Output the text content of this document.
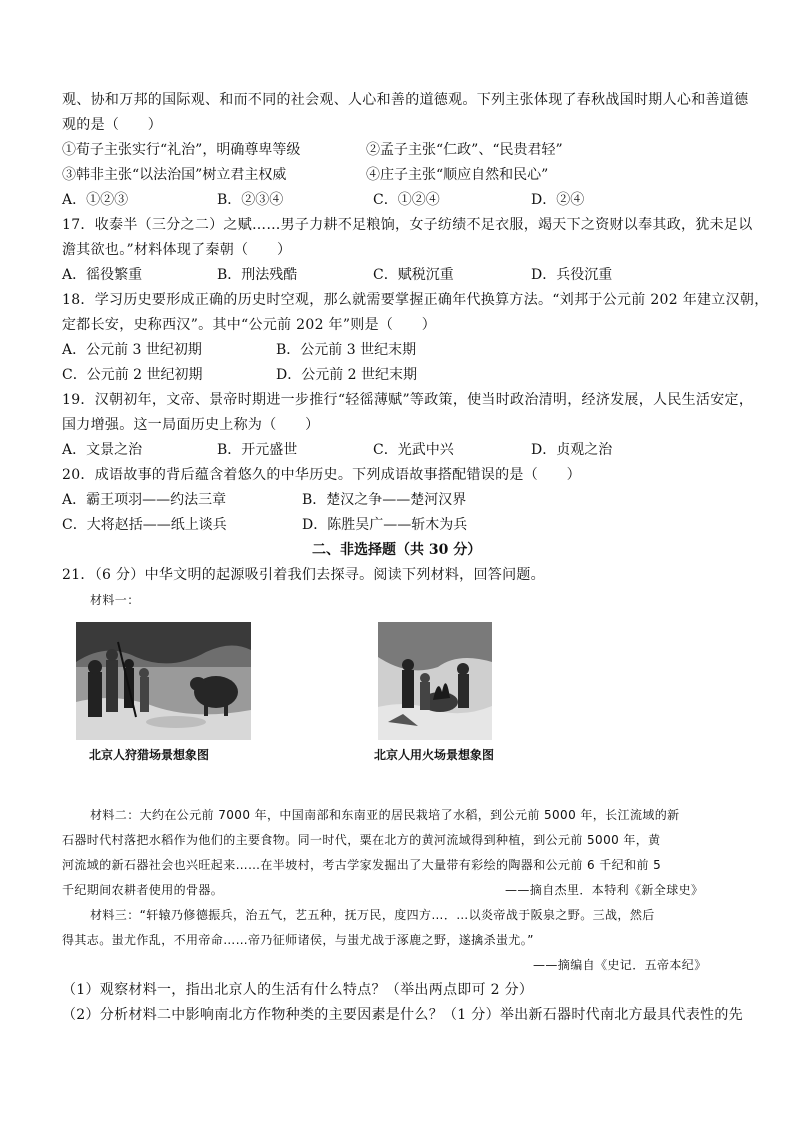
观、协和万邦的国际观、和而不同的社会观、人心和善的道德观。下列主张体现了春秋战国时期人心和善道德
观的是（　　）
①荀子主张实行“礼治”，明确尊卑等级	②孟子主张“仁政”、“民贵君轻”
③韩非主张“以法治国”树立君主权威	④庄子主张“顺应自然和民心”
A．①②③	B．②③④	C．①②④	D．②④
17．收泰半（三分之二）之赋……男子力耕不足粮饷，女子纺绩不足衣服，竭天下之资财以奉其政，犹未足以
澹其欲也。”材料体现了秦朝（　　）
A．徭役繁重	B．刑法残酷	C．赋税沉重	D．兵役沉重
18．学习历史要形成正确的历史时空观，那么就需要掌握正确年代换算方法。“刘邦于公元前 202 年建立汉朝，
定都长安，史称西汉”。其中“公元前 202 年”则是（　　）
A．公元前 3 世纪初期	B．公元前 3 世纪末期
C．公元前 2 世纪初期	D．公元前 2 世纪末期
19．汉朝初年，文帝、景帝时期进一步推行“轻徭薄赋”等政策，使当时政治清明，经济发展，人民生活安定，
国力增强。这一局面历史上称为（　　）
A．文景之治	B．开元盛世	C．光武中兴	D．贞观之治
20．成语故事的背后蕴含着悠久的中华历史。下列成语故事搭配错误的是（　　）
A．霸王项羽——约法三章	B．楚汉之争——楚河汉界
C．大将赵括——纸上谈兵	D．陈胜吴广——斩木为兵
二、非选择题（共 30 分）
21．（6 分）中华文明的起源吸引着我们去探寻。阅读下列材料，回答问题。
材料一：
北京人狩猎场景想象图	北京人用火场景想象图
材料二：大约在公元前 7000 年，中国南部和东南亚的居民栽培了水稻，到公元前 5000 年，长江流域的新
石器时代村落把水稻作为他们的主要食物。同一时代，粟在北方的黄河流域得到种植，到公元前 5000 年，黄
河流域的新石器社会也兴旺起来……在半坡村，考古学家发掘出了大量带有彩绘的陶器和公元前 6 千纪和前 5
千纪期间农耕者使用的骨器。	——摘自杰里．本特利《新全球史》
材料三：“轩辕乃修德振兵，治五气，艺五种，抚万民，度四方…．…以炎帝战于阪泉之野。三战，然后
得其志。蚩尤作乱，不用帝命……帝乃征师诸侯，与蚩尤战于涿鹿之野，遂擒杀蚩尤。”
——摘编自《史记．五帝本纪》
（1）观察材料一，指出北京人的生活有什么特点？（举出两点即可 2 分）
（2）分析材料二中影响南北方作物种类的主要因素是什么？（1 分）举出新石器时代南北方最具代表性的先
